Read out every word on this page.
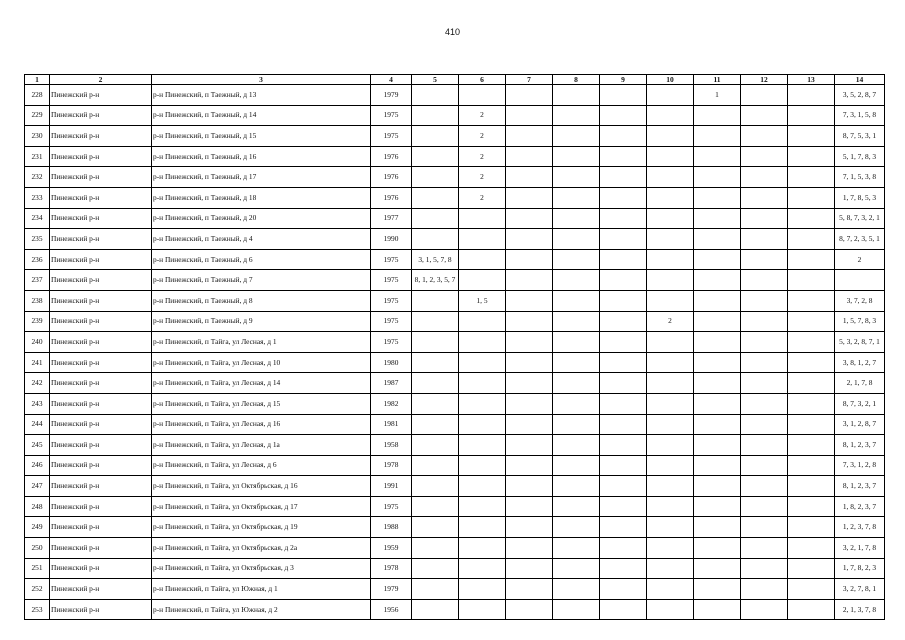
410
1	2	3	4	5	6	7	8	9	10	11	12	13	14
228	Пинежский р-н	р-н Пинежский, п Таежный, д 13	1979							1			3, 5, 2, 8, 7
229	Пинежский р-н	р-н Пинежский, п Таежный, д 14	1975		2								7, 3, 1, 5, 8
230	Пинежский р-н	р-н Пинежский, п Таежный, д 15	1975		2								8, 7, 5, 3, 1
231	Пинежский р-н	р-н Пинежский, п Таежный, д 16	1976		2								5, 1, 7, 8, 3
232	Пинежский р-н	р-н Пинежский, п Таежный, д 17	1976		2								7, 1, 5, 3, 8
233	Пинежский р-н	р-н Пинежский, п Таежный, д 18	1976		2								1, 7, 8, 5, 3
234	Пинежский р-н	р-н Пинежский, п Таежный, д 20	1977										5, 8, 7, 3, 2, 1
235	Пинежский р-н	р-н Пинежский, п Таежный, д 4	1990										8, 7, 2, 3, 5, 1
236	Пинежский р-н	р-н Пинежский, п Таежный, д 6	1975	3, 1, 5, 7, 8									2
237	Пинежский р-н	р-н Пинежский, п Таежный, д 7	1975	8, 1, 2, 3, 5, 7									
238	Пинежский р-н	р-н Пинежский, п Таежный, д 8	1975		1, 5								3, 7, 2, 8
239	Пинежский р-н	р-н Пинежский, п Таежный, д 9	1975						2				1, 5, 7, 8, 3
240	Пинежский р-н	р-н Пинежский, п Тайга, ул Лесная, д 1	1975										5, 3, 2, 8, 7, 1
241	Пинежский р-н	р-н Пинежский, п Тайга, ул Лесная, д 10	1980										3, 8, 1, 2, 7
242	Пинежский р-н	р-н Пинежский, п Тайга, ул Лесная, д 14	1987										2, 1, 7, 8
243	Пинежский р-н	р-н Пинежский, п Тайга, ул Лесная, д 15	1982										8, 7, 3, 2, 1
244	Пинежский р-н	р-н Пинежский, п Тайга, ул Лесная, д 16	1981										3, 1, 2, 8, 7
245	Пинежский р-н	р-н Пинежский, п Тайга, ул Лесная, д 1а	1958										8, 1, 2, 3, 7
246	Пинежский р-н	р-н Пинежский, п Тайга, ул Лесная, д 6	1978										7, 3, 1, 2, 8
247	Пинежский р-н	р-н Пинежский, п Тайга, ул Октябрьская, д 16	1991										8, 1, 2, 3, 7
248	Пинежский р-н	р-н Пинежский, п Тайга, ул Октябрьская, д 17	1975										1, 8, 2, 3, 7
249	Пинежский р-н	р-н Пинежский, п Тайга, ул Октябрьская, д 19	1988										1, 2, 3, 7, 8
250	Пинежский р-н	р-н Пинежский, п Тайга, ул Октябрьская, д 2а	1959										3, 2, 1, 7, 8
251	Пинежский р-н	р-н Пинежский, п Тайга, ул Октябрьская, д 3	1978										1, 7, 8, 2, 3
252	Пинежский р-н	р-н Пинежский, п Тайга, ул Южная, д 1	1979										3, 2, 7, 8, 1
253	Пинежский р-н	р-н Пинежский, п Тайга, ул Южная, д 2	1956										2, 1, 3, 7, 8
